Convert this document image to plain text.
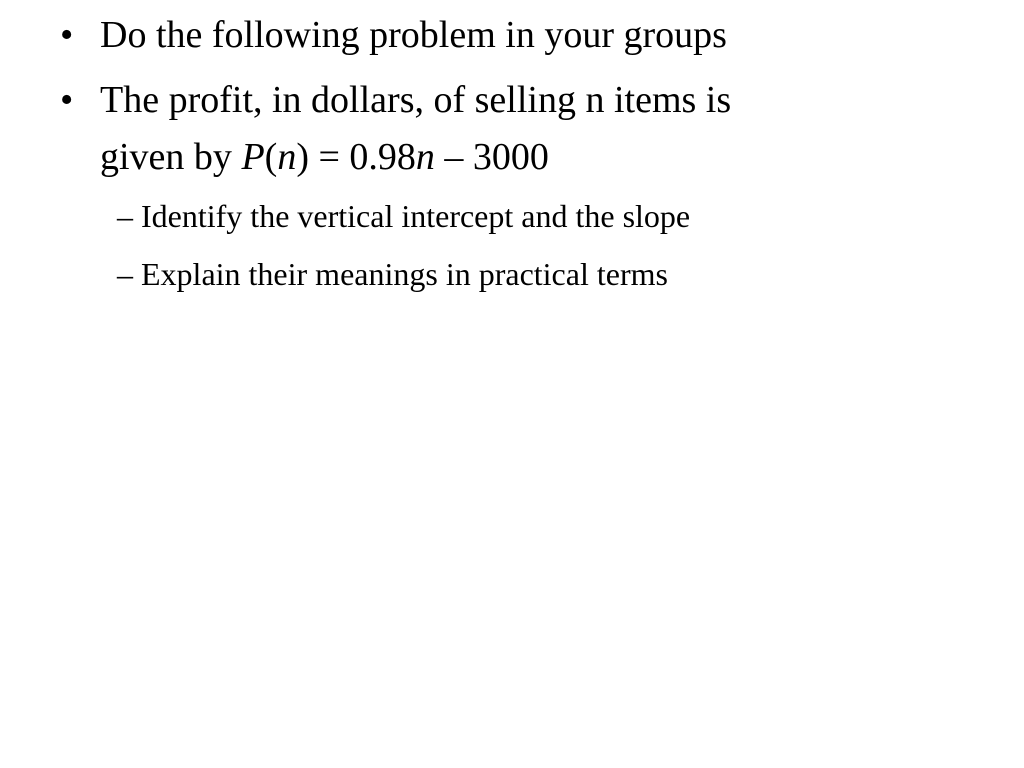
• Do the following problem in your groups
• The profit, in dollars, of selling n items is
given by P(n) = 0.98n – 3000
– Identify the vertical intercept and the slope
– Explain their meanings in practical terms
